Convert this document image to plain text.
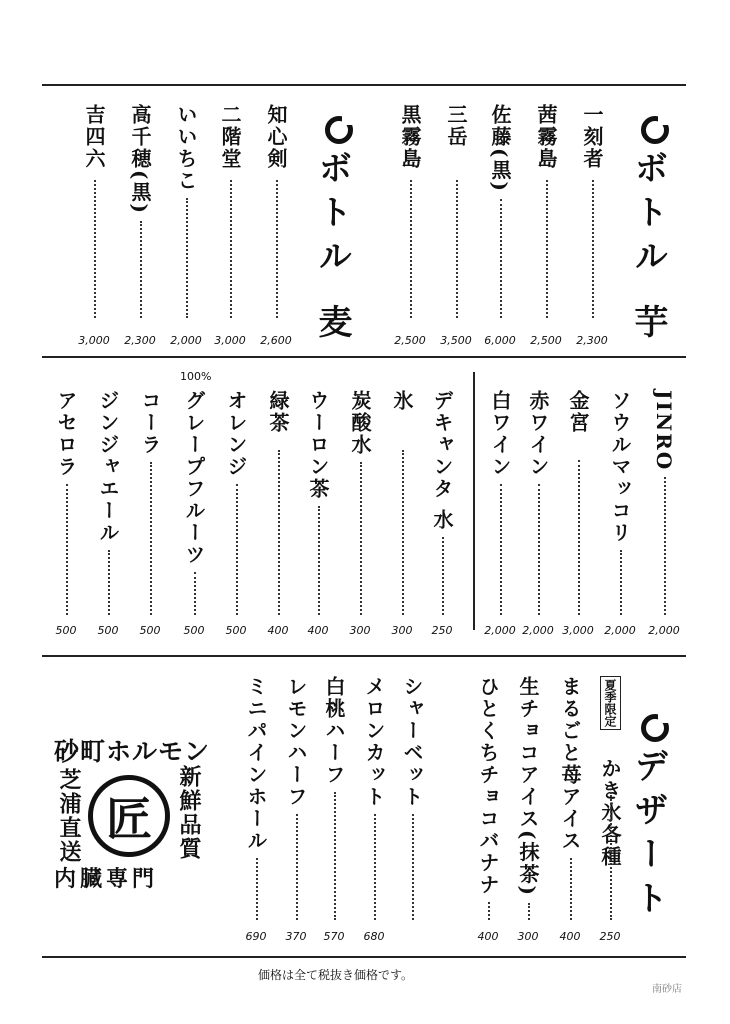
ボトル 芋
ボトル 麦
デザート
砂町ホルモン
芝浦直送 匠	新鮮品質
内臓専門
価格は全て税抜き価格です。
南砂店
一刻者
2,300
茜霧島
2,500
佐藤(黒)
6,000
三岳
3,500
黒霧島
2,500
知心剣
2,600
二階堂
3,000
いいちこ
2,000
高千穂(黒)
2,300
吉四六
3,000
JINRO
2,000
ソウルマッコリ
2,000
金宮
3,000
赤ワイン
2,000
白ワイン
2,000
デキャンタ 水
250
氷
300
炭酸水
300
ウーロン茶
400
緑茶
400
オレンジ
500
グレープフルーツ
500
100%
コーラ
500
ジンジャエール
500
アセロラ
500
かき氷各種
250
夏季限定
まるごと苺アイス
400
生チョコアイス(抹茶)
300
ひとくちチョコバナナ
400
シャーベット
メロンカット
680
白桃ハーフ
570
レモンハーフ
370
ミニパインホール
690
